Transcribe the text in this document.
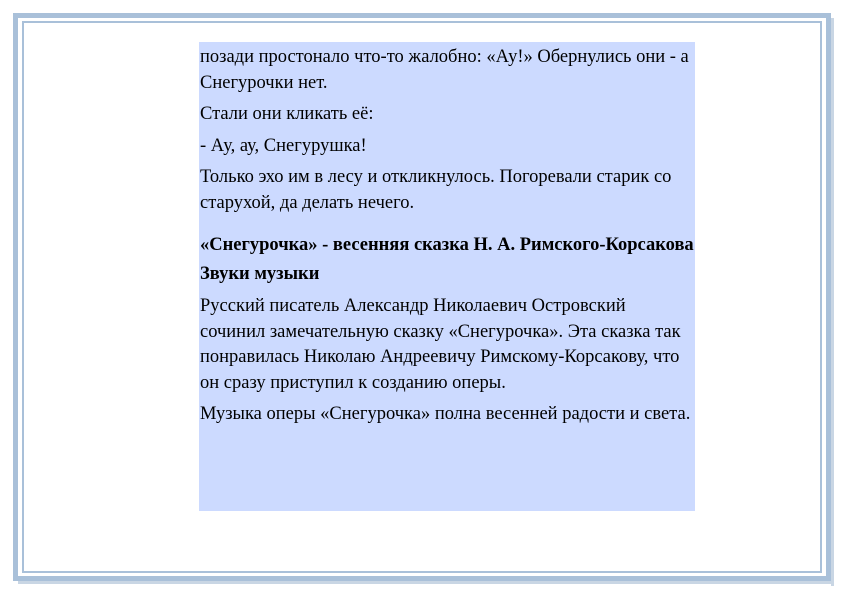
позади простонало что-то жалобно: «Ау!» Обернулись они - а Снегурочки нет.

Стали они кликать её:

- Ау, ау, Снегурушка!

Только эхо им в лесу и откликнулось. Погоревали старик со старухой, да делать нечего.

«Снегурочка» - весенняя сказка Н. А. Римского-Корсакова

Звуки музыки

Русский писатель Александр Николаевич Островский сочинил замечательную сказку «Снегурочка». Эта сказка так понравилась Николаю Андреевичу Римскому-Корсакову, что он сразу приступил к созданию оперы.

Музыка оперы «Снегурочка» полна весенней радости и света.
